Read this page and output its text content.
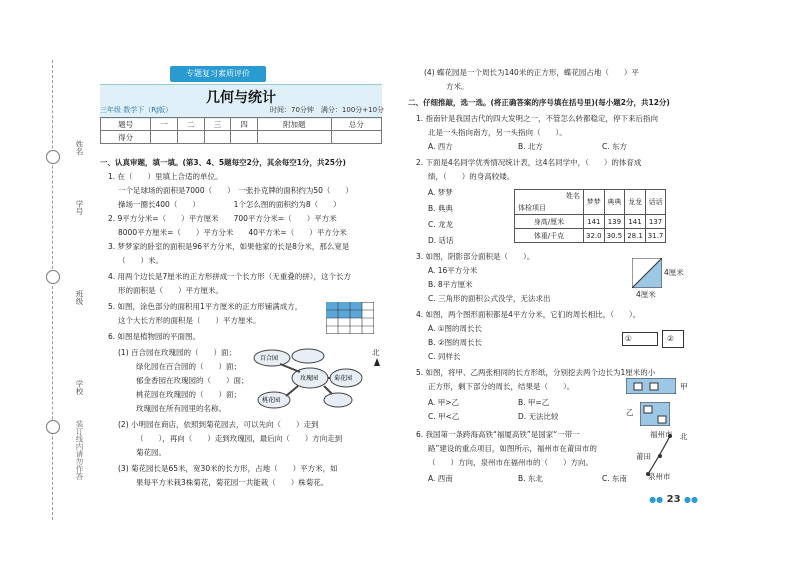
姓名
学号
班级
学校
装订线内请勿作答
专题复习素质评价
几何与统计
三年级 数学下（RJ版）	时间：70分钟　满分：100分+10分
题号	一	二	三	四	附加题	总分
得分						
一、认真审题，填一填。(第3、4、5题每空2分，其余每空1分，共25分)
1. 在（　　）里填上合适的单位。
一个足球场的面积是7000（　　）　一张扑克牌的面积约为50（　　）
操场一圈长400（　　）　　　　　1个怎么图的面积约为8（　　）
2. 9平方分米=（　　）平方厘米　　700平方分米=（　　）平方米
8000平方厘米=（　　）平方分米　　40平方米=（　　）平方分米
3. 梦梦家的卧室的面积是96平方分米，如果他家的长是8分米，那么宽是
（　　）米。
4. 用两个边长是7厘米的正方形拼成一个长方形（无重叠的拼），这个长方
形的面积是（　　）平方厘米。
5. 如图，涂色部分的面积用1平方厘米的正方形铺满成方，
这个大长方形的面积是（　　）平方厘米。
6. 如图是植物园的平面图。
(1) 百合园在玫瑰园的（　　）面；
绿化园在百合园的（　　）面；
郁金香园在玫瑰园的（　　）面；
桃花园在玫瑰园的（　　）面；
玫瑰园在所有园里的名称。
(2) 小明园在商店，依照到菊花园去，可以先向（　　）走到
（　　），再向（　　）走到玫瑰园，最后向（　　）方向走到
菊花园。
(3) 菊花园长是65米，宽30米的长方形，占地（　　）平方米，如
果每平方米栽3株菊花，菊花园一共能栽（　　）株菊花。
百合园
玫瑰园	菊花园
桃花园
北
(4) 蝶花园是一个周长为140米的正方形，蝶花园占地（　　）平
方米。
二、仔细推敲，选一选。(将正确答案的序号填在括号里)(每小题2分，共12分)
1. 指南针是我国古代的四大发明之一，不管怎么转都稳定，停下来后指向
北是一头指向南方，另一头指向（　　）。
A. 西方	B. 北方	C. 东方
2. 下面是4名同学优秀情况统计表，这4名同学中，（　　）的体育成
绩，（　　）的身高较矮。
A. 梦梦
B. 典典
C. 龙龙
D. 话话
姓名
体检项目	梦梦	典典	龙龙	话话
身高/厘米	141	139	141	137
体重/千克	32.0	30.5	28.1	31.7
3. 如图，阴影部分面积是（　　）。
A. 16平方分米
B. 8平方厘米
C. 三角形的面积公式没学，无法求出
4厘米
4厘米
4. 如图，两个图形面积都是4平方分米，它们的周长相比，（　　）。
A. ①图的周长长
B. ②图的周长长
C. 同样长
①	②
5. 如图，将甲、乙两张相同的长方形纸，分别挖去两个边长为1厘米的小
正方形，剩下部分的周长，结果是（　　）。
A. 甲>乙	B. 甲=乙
C. 甲<乙	D. 无法比较
甲
乙
6. 我国第一条跨海高铁“福厦高铁”是国家“一带一
路”建设的重点项目，如图所示，福州市在莆田市的
（　　）方向，泉州市在福州市的（　　）方向。
A. 西南	B. 东北	C. 东南
福州市
莆田
泉州市
北
●● 23 ●●
